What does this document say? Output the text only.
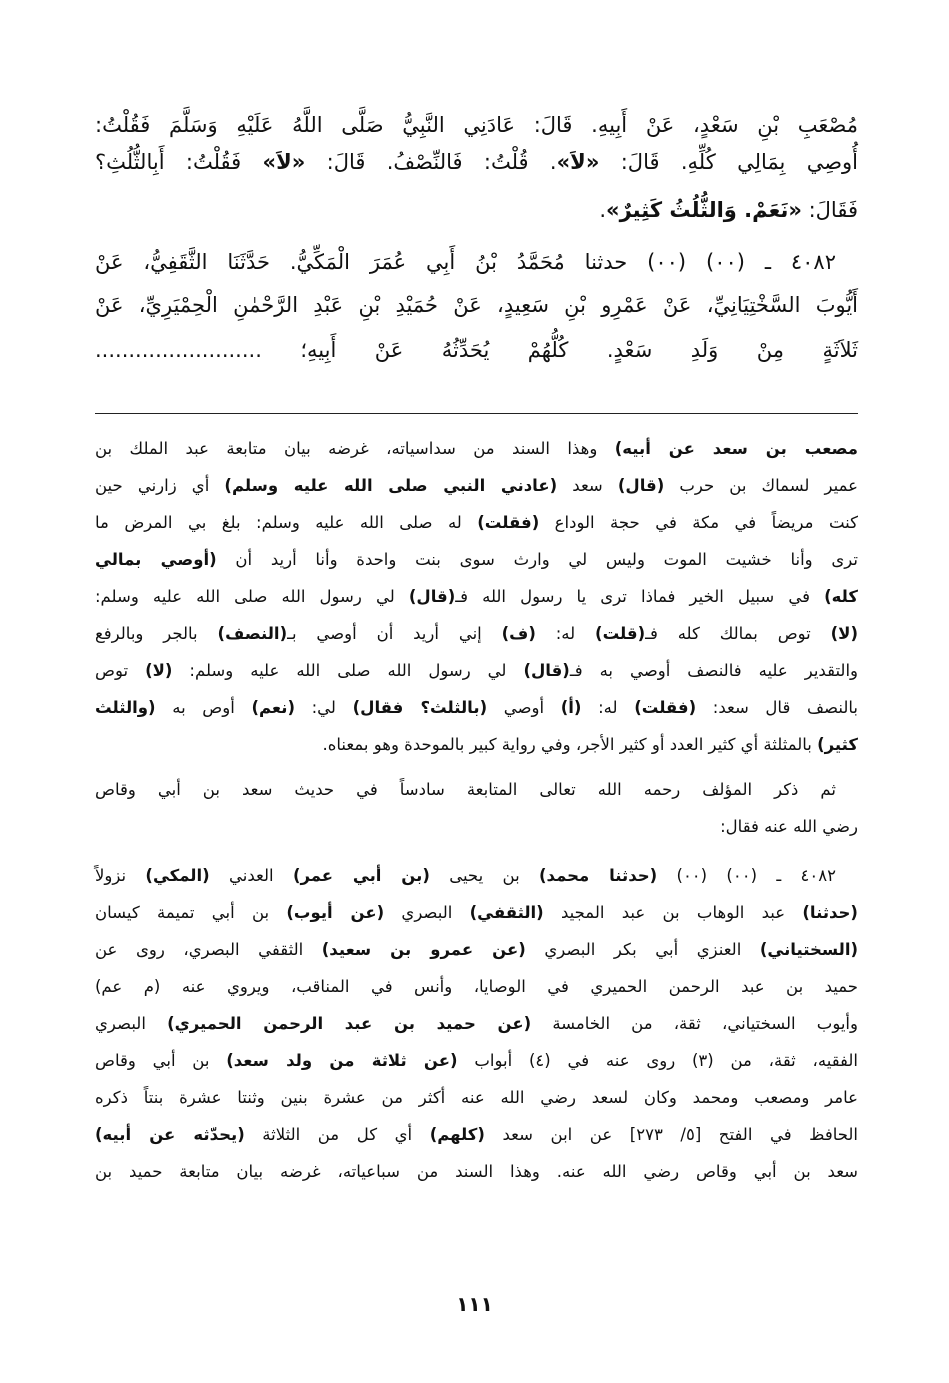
مُصْعَبِ بْنِ سَعْدٍ، عَنْ أَبِيهِ. قَالَ: عَادَنِي النَّبِيُّ صَلَّى اللَّهُ عَلَيْهِ وَسَلَّمَ فَقُلْتُ:
أُوصِي بِمَالِي كُلِّهِ. قَالَ: «لاَ». قُلْتُ: فَالنِّصْفُ. قَالَ: «لاَ» فَقُلْتُ: أَبِالثُّلُثِ؟
فَقَالَ: «نَعَمْ. وَالثُّلُثُ كَثِيرٌ».
٤٠٨٢ ـ (٠٠) (٠٠) حدثنا مُحَمَّدُ بْنُ أَبِي عُمَرَ الْمَكِّيُّ. حَدَّثَنَا الثَّقَفِيُّ، عَنْ
أَيُّوبَ السَّخْتِيَانِيِّ، عَنْ عَمْرِو بْنِ سَعِيدٍ، عَنْ حُمَيْدِ بْنِ عَبْدِ الرَّحْمٰنِ الْحِمْيَرِيِّ، عَنْ
ثَلاَثَةٍ مِنْ وَلَدِ سَعْدٍ. كُلُّهُمْ يُحَدِّثُهُ عَنْ أَبِيهِ؛ .........................
مصعب بن سعد عن أبيه) وهذا السند من سداسياته، غرضه بيان متابعة عبد الملك بن
عمير لسماك بن حرب (قال) سعد (عادني النبي صلى الله عليه وسلم) أي زارني حين
كنت مريضاً في مكة في حجة الوداع (فقلت) له صلى الله عليه وسلم: بلغ بي المرض ما
ترى وأنا خشيت الموت وليس لي وارث سوى بنت واحدة وأنا أريد أن (أوصي بمالي
كله) في سبيل الخير فماذا ترى يا رسول الله فـ(قال) لي رسول الله صلى الله عليه وسلم:
(لا) توص بمالك كله فـ(قلت) له: (ف) إني أريد أن أوصي بـ(النصف) بالجر وبالرفع
والتقدير عليه فالنصف أوصي به فـ(قال) لي رسول الله صلى الله عليه وسلم: (لا) توص
بالنصف قال سعد: (فقلت) له: (أ) أوصي (بالثلث؟ فقال) لي: (نعم) أوص به (والثلث
كثير) بالمثلثة أي كثير العدد أو كثير الأجر، وفي رواية كبير بالموحدة وهو بمعناه.
ثم ذكر المؤلف رحمه الله تعالى المتابعة سادساً في حديث سعد بن أبي وقاص
رضي الله عنه فقال:
٤٠٨٢ ـ (٠٠) (٠٠) (حدثنا محمد) بن يحيى (بن أبي عمر) العدني (المكي) نزولاً
(حدثنا) عبد الوهاب بن عبد المجيد (الثقفي) البصري (عن أيوب) بن أبي تميمة كيسان
(السختياني) العنزي أبي بكر البصري (عن عمرو بن سعيد) الثقفي البصري، روى عن
حميد بن عبد الرحمن الحميري في الوصايا، وأنس في المناقب، ويروي عنه (م عم)
وأيوب السختياني، ثقة، من الخامسة (عن حميد بن عبد الرحمن الحميري) البصري
الفقيه، ثقة، من (٣) روى عنه في (٤) أبواب (عن ثلاثة من ولد سعد) بن أبي وقاص
عامر ومصعب ومحمد وكان لسعد رضي الله عنه أكثر من عشرة بنين وثنتا عشرة بنتاً ذكره
الحافظ في الفتح [٥/ ٢٧٣] عن ابن سعد (كلهم) أي كل من الثلاثة (يحدّثه عن أبيه)
سعد بن أبي وقاص رضي الله عنه. وهذا السند من سباعياته، غرضه بيان متابعة حميد بن
١١١
